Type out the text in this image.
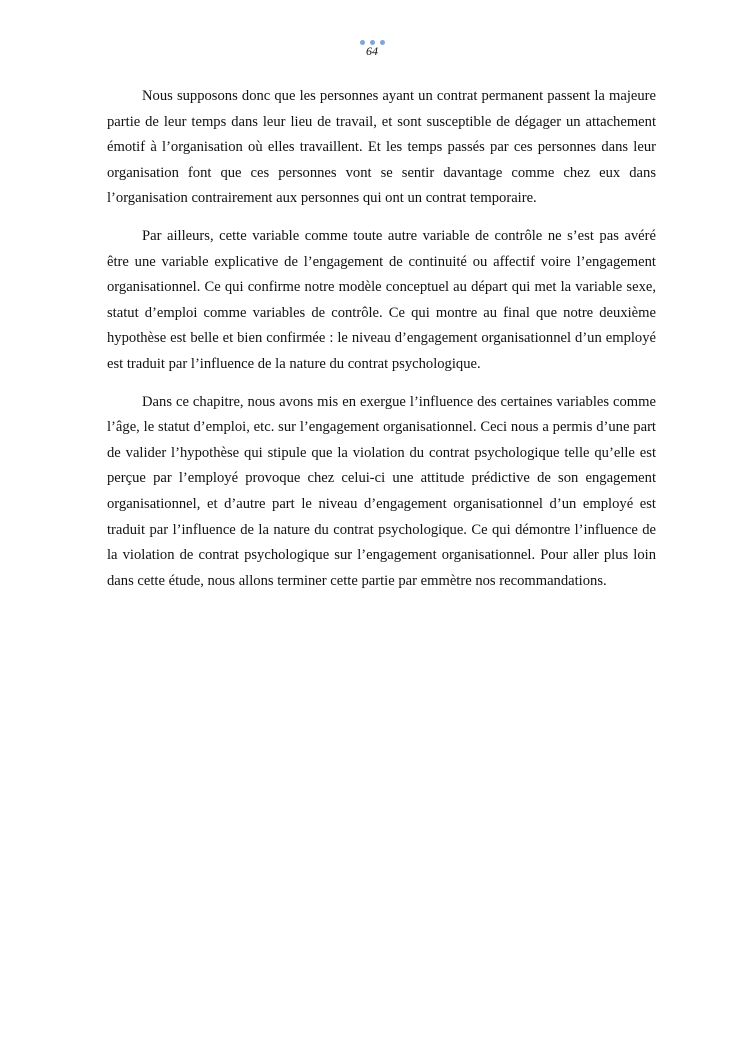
64

Nous supposons donc que les personnes ayant un contrat permanent passent la majeure partie de leur temps dans leur lieu de travail, et sont susceptible de dégager un attachement émotif à l’organisation où elles travaillent. Et les temps passés par ces personnes dans leur organisation font que ces personnes vont se sentir davantage comme chez eux dans l’organisation contrairement aux personnes qui ont un contrat temporaire.

Par ailleurs, cette variable comme toute autre variable de contrôle ne s’est pas avéré être une variable explicative de l’engagement de continuité ou affectif voire l’engagement organisationnel. Ce qui confirme notre modèle conceptuel au départ qui met la variable sexe, statut d’emploi comme variables de contrôle. Ce qui montre au final que notre deuxième hypothèse est belle et bien confirmée : le niveau d’engagement organisationnel d’un employé est traduit par l’influence de la nature du contrat psychologique.

Dans ce chapitre, nous avons mis en exergue l’influence des certaines variables comme l’âge, le statut d’emploi, etc. sur l’engagement organisationnel. Ceci nous a permis d’une part de valider l’hypothèse qui stipule que la violation du contrat psychologique telle qu’elle est perçue par l’employé provoque chez celui-ci une attitude prédictive de son engagement organisationnel, et d’autre part le niveau d’engagement organisationnel d’un employé est traduit par l’influence de la nature du contrat psychologique. Ce qui démontre l’influence de la violation de contrat psychologique sur l’engagement organisationnel. Pour aller plus loin dans cette étude, nous allons terminer cette partie par emmètre nos recommandations.
